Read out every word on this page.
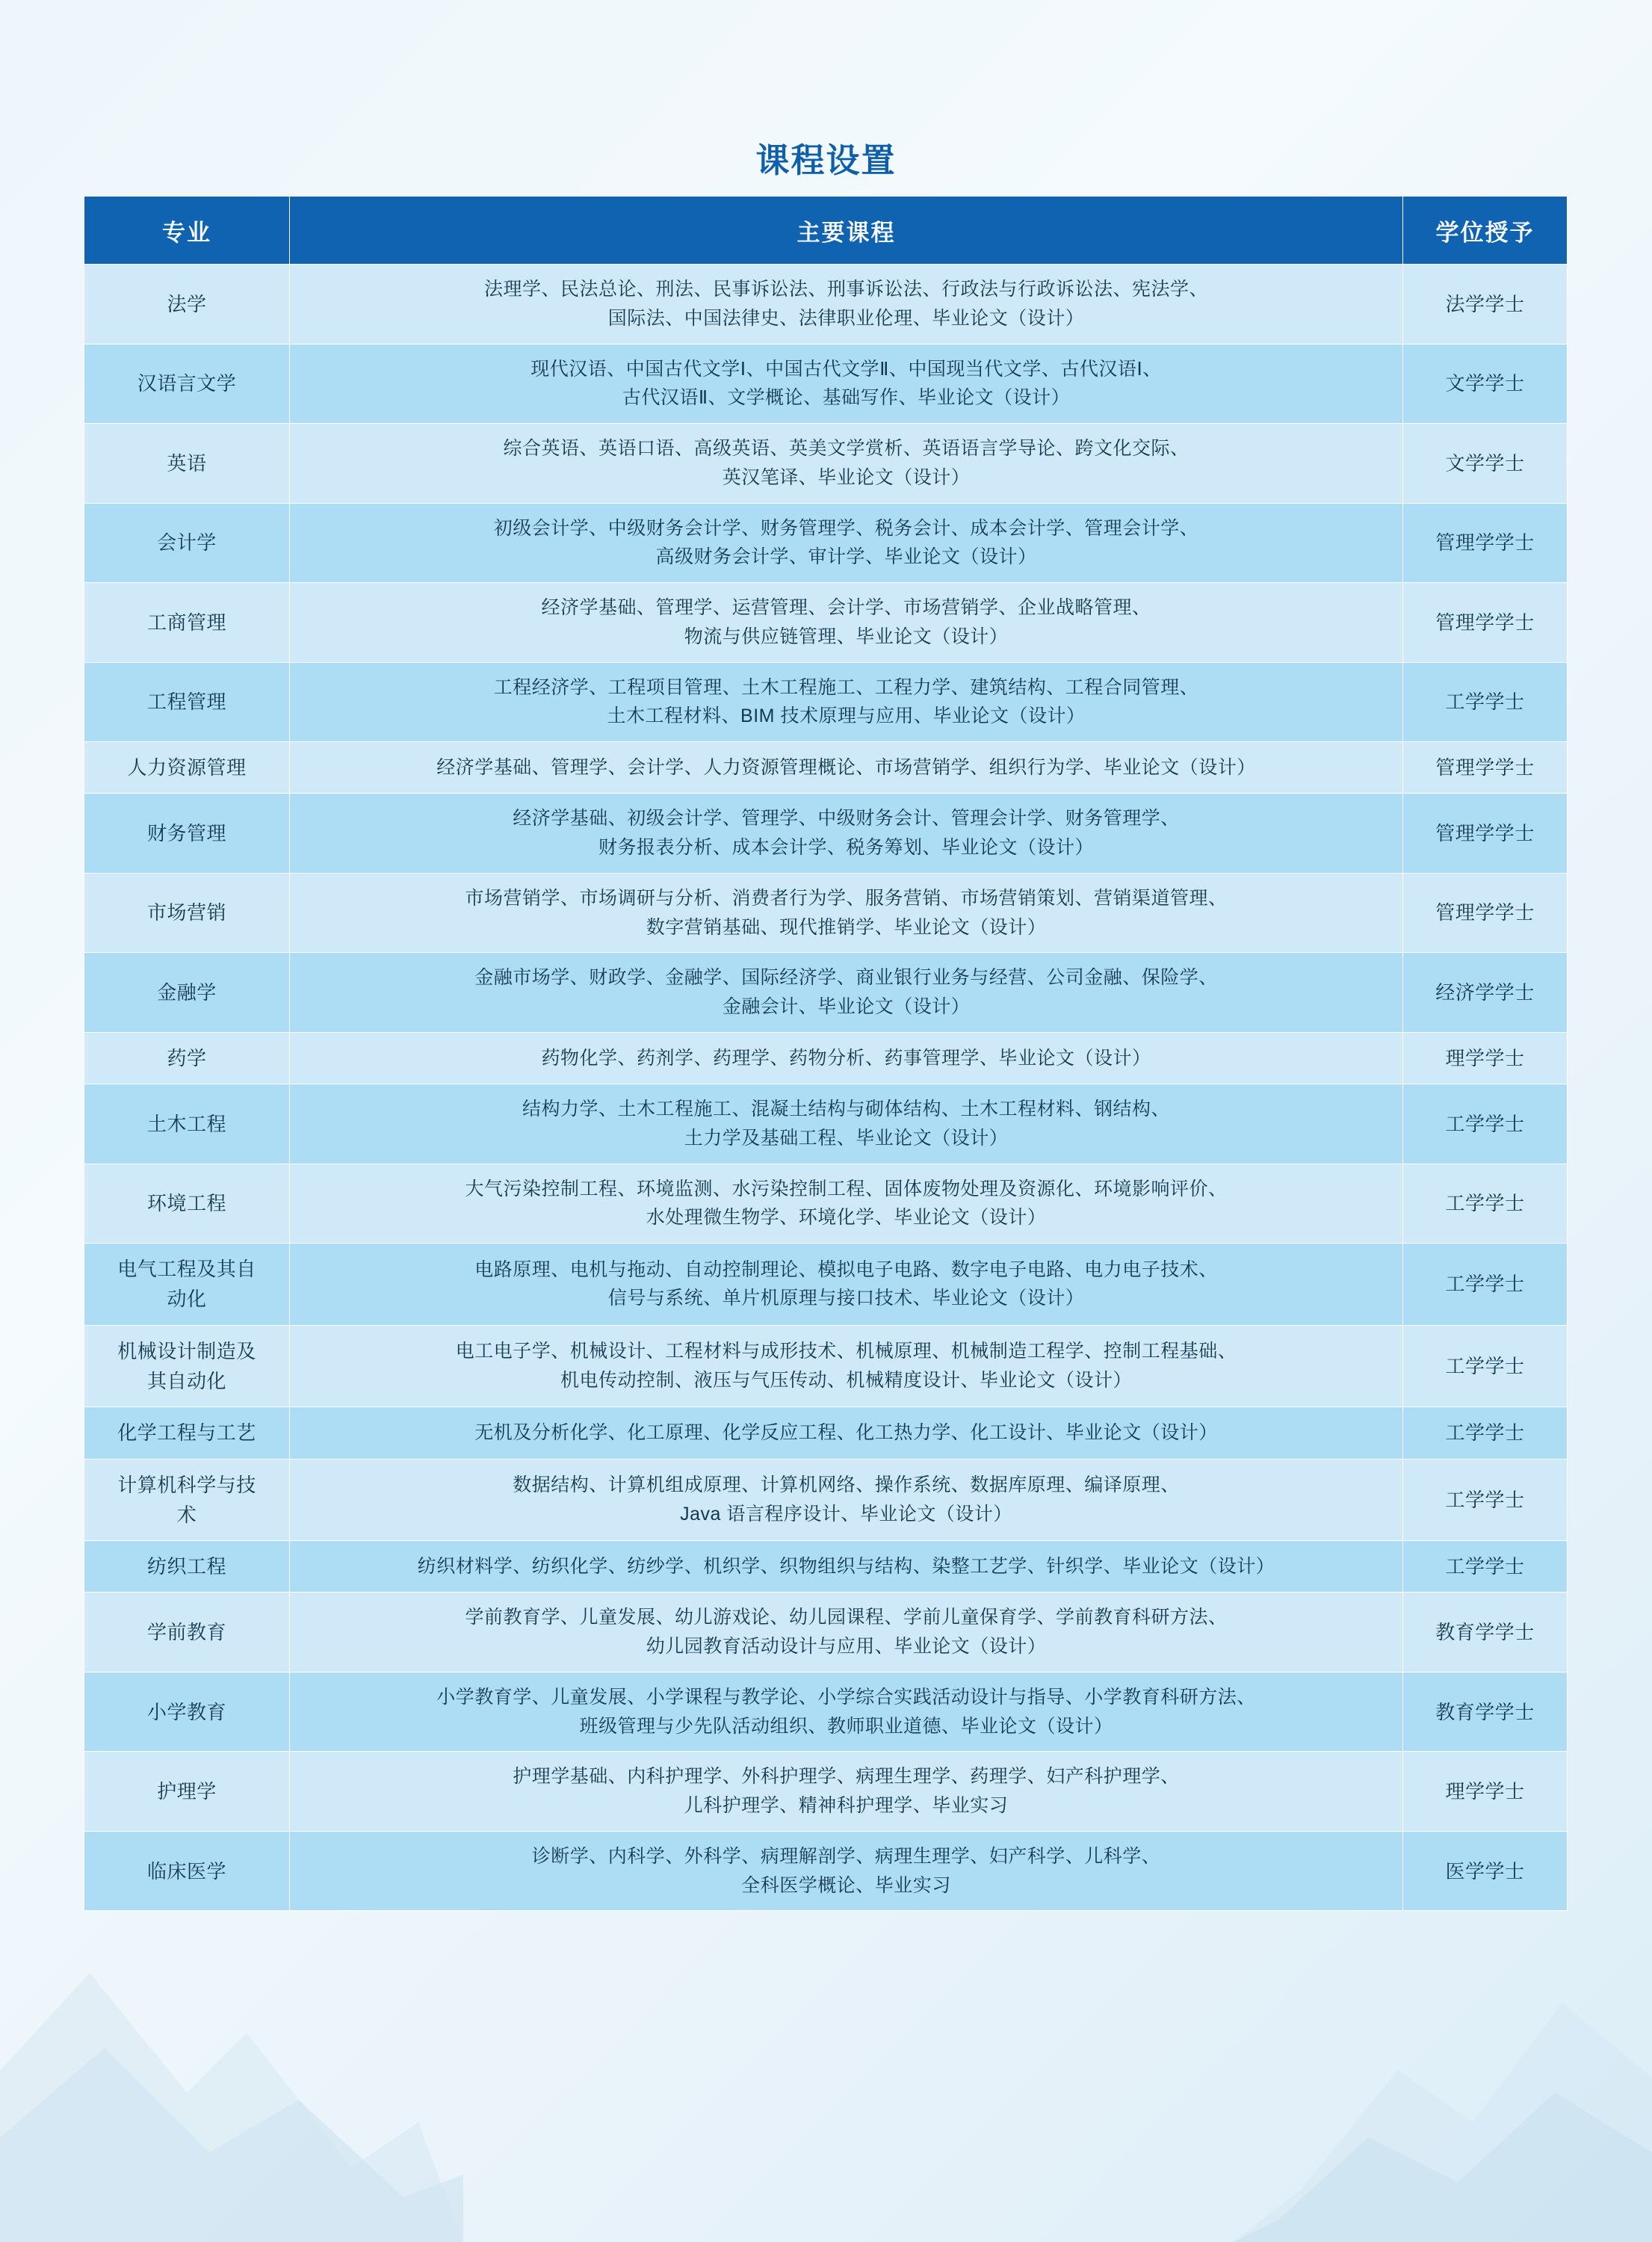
课程设置
专业	主要课程	学位授予
法学	法理学、民法总论、刑法、民事诉讼法、刑事诉讼法、行政法与行政诉讼法、宪法学、
国际法、中国法律史、法律职业伦理、毕业论文（设计）	法学学士
汉语言文学	现代汉语、中国古代文学Ⅰ、中国古代文学Ⅱ、中国现当代文学、古代汉语Ⅰ、
古代汉语Ⅱ、文学概论、基础写作、毕业论文（设计）	文学学士
英语	综合英语、英语口语、高级英语、英美文学赏析、英语语言学导论、跨文化交际、
英汉笔译、毕业论文（设计）	文学学士
会计学	初级会计学、中级财务会计学、财务管理学、税务会计、成本会计学、管理会计学、
高级财务会计学、审计学、毕业论文（设计）	管理学学士
工商管理	经济学基础、管理学、运营管理、会计学、市场营销学、企业战略管理、
物流与供应链管理、毕业论文（设计）	管理学学士
工程管理	工程经济学、工程项目管理、土木工程施工、工程力学、建筑结构、工程合同管理、
土木工程材料、BIM 技术原理与应用、毕业论文（设计）	工学学士
人力资源管理	经济学基础、管理学、会计学、人力资源管理概论、市场营销学、组织行为学、毕业论文（设计）	管理学学士
财务管理	经济学基础、初级会计学、管理学、中级财务会计、管理会计学、财务管理学、
财务报表分析、成本会计学、税务筹划、毕业论文（设计）	管理学学士
市场营销	市场营销学、市场调研与分析、消费者行为学、服务营销、市场营销策划、营销渠道管理、
数字营销基础、现代推销学、毕业论文（设计）	管理学学士
金融学	金融市场学、财政学、金融学、国际经济学、商业银行业务与经营、公司金融、保险学、
金融会计、毕业论文（设计）	经济学学士
药学	药物化学、药剂学、药理学、药物分析、药事管理学、毕业论文（设计）	理学学士
土木工程	结构力学、土木工程施工、混凝土结构与砌体结构、土木工程材料、钢结构、
土力学及基础工程、毕业论文（设计）	工学学士
环境工程	大气污染控制工程、环境监测、水污染控制工程、固体废物处理及资源化、环境影响评价、
水处理微生物学、环境化学、毕业论文（设计）	工学学士

电气工程及其自
动化	电路原理、电机与拖动、自动控制理论、模拟电子电路、数字电子电路、电力电子技术、
信号与系统、单片机原理与接口技术、毕业论文（设计）	工学学士

机械设计制造及
其自动化	电工电子学、机械设计、工程材料与成形技术、机械原理、机械制造工程学、控制工程基础、
机电传动控制、液压与气压传动、机械精度设计、毕业论文（设计）	工学学士
化学工程与工艺	无机及分析化学、化工原理、化学反应工程、化工热力学、化工设计、毕业论文（设计）	工学学士

计算机科学与技
术	数据结构、计算机组成原理、计算机网络、操作系统、数据库原理、编译原理、
Java 语言程序设计、毕业论文（设计）	工学学士
纺织工程	纺织材料学、纺织化学、纺纱学、机织学、织物组织与结构、染整工艺学、针织学、毕业论文（设计）	工学学士
学前教育	学前教育学、儿童发展、幼儿游戏论、幼儿园课程、学前儿童保育学、学前教育科研方法、
幼儿园教育活动设计与应用、毕业论文（设计）	教育学学士
小学教育	小学教育学、儿童发展、小学课程与教学论、小学综合实践活动设计与指导、小学教育科研方法、
班级管理与少先队活动组织、教师职业道德、毕业论文（设计）	教育学学士
护理学	护理学基础、内科护理学、外科护理学、病理生理学、药理学、妇产科护理学、
儿科护理学、精神科护理学、毕业实习	理学学士
临床医学	诊断学、内科学、外科学、病理解剖学、病理生理学、妇产科学、儿科学、
全科医学概论、毕业实习	医学学士
